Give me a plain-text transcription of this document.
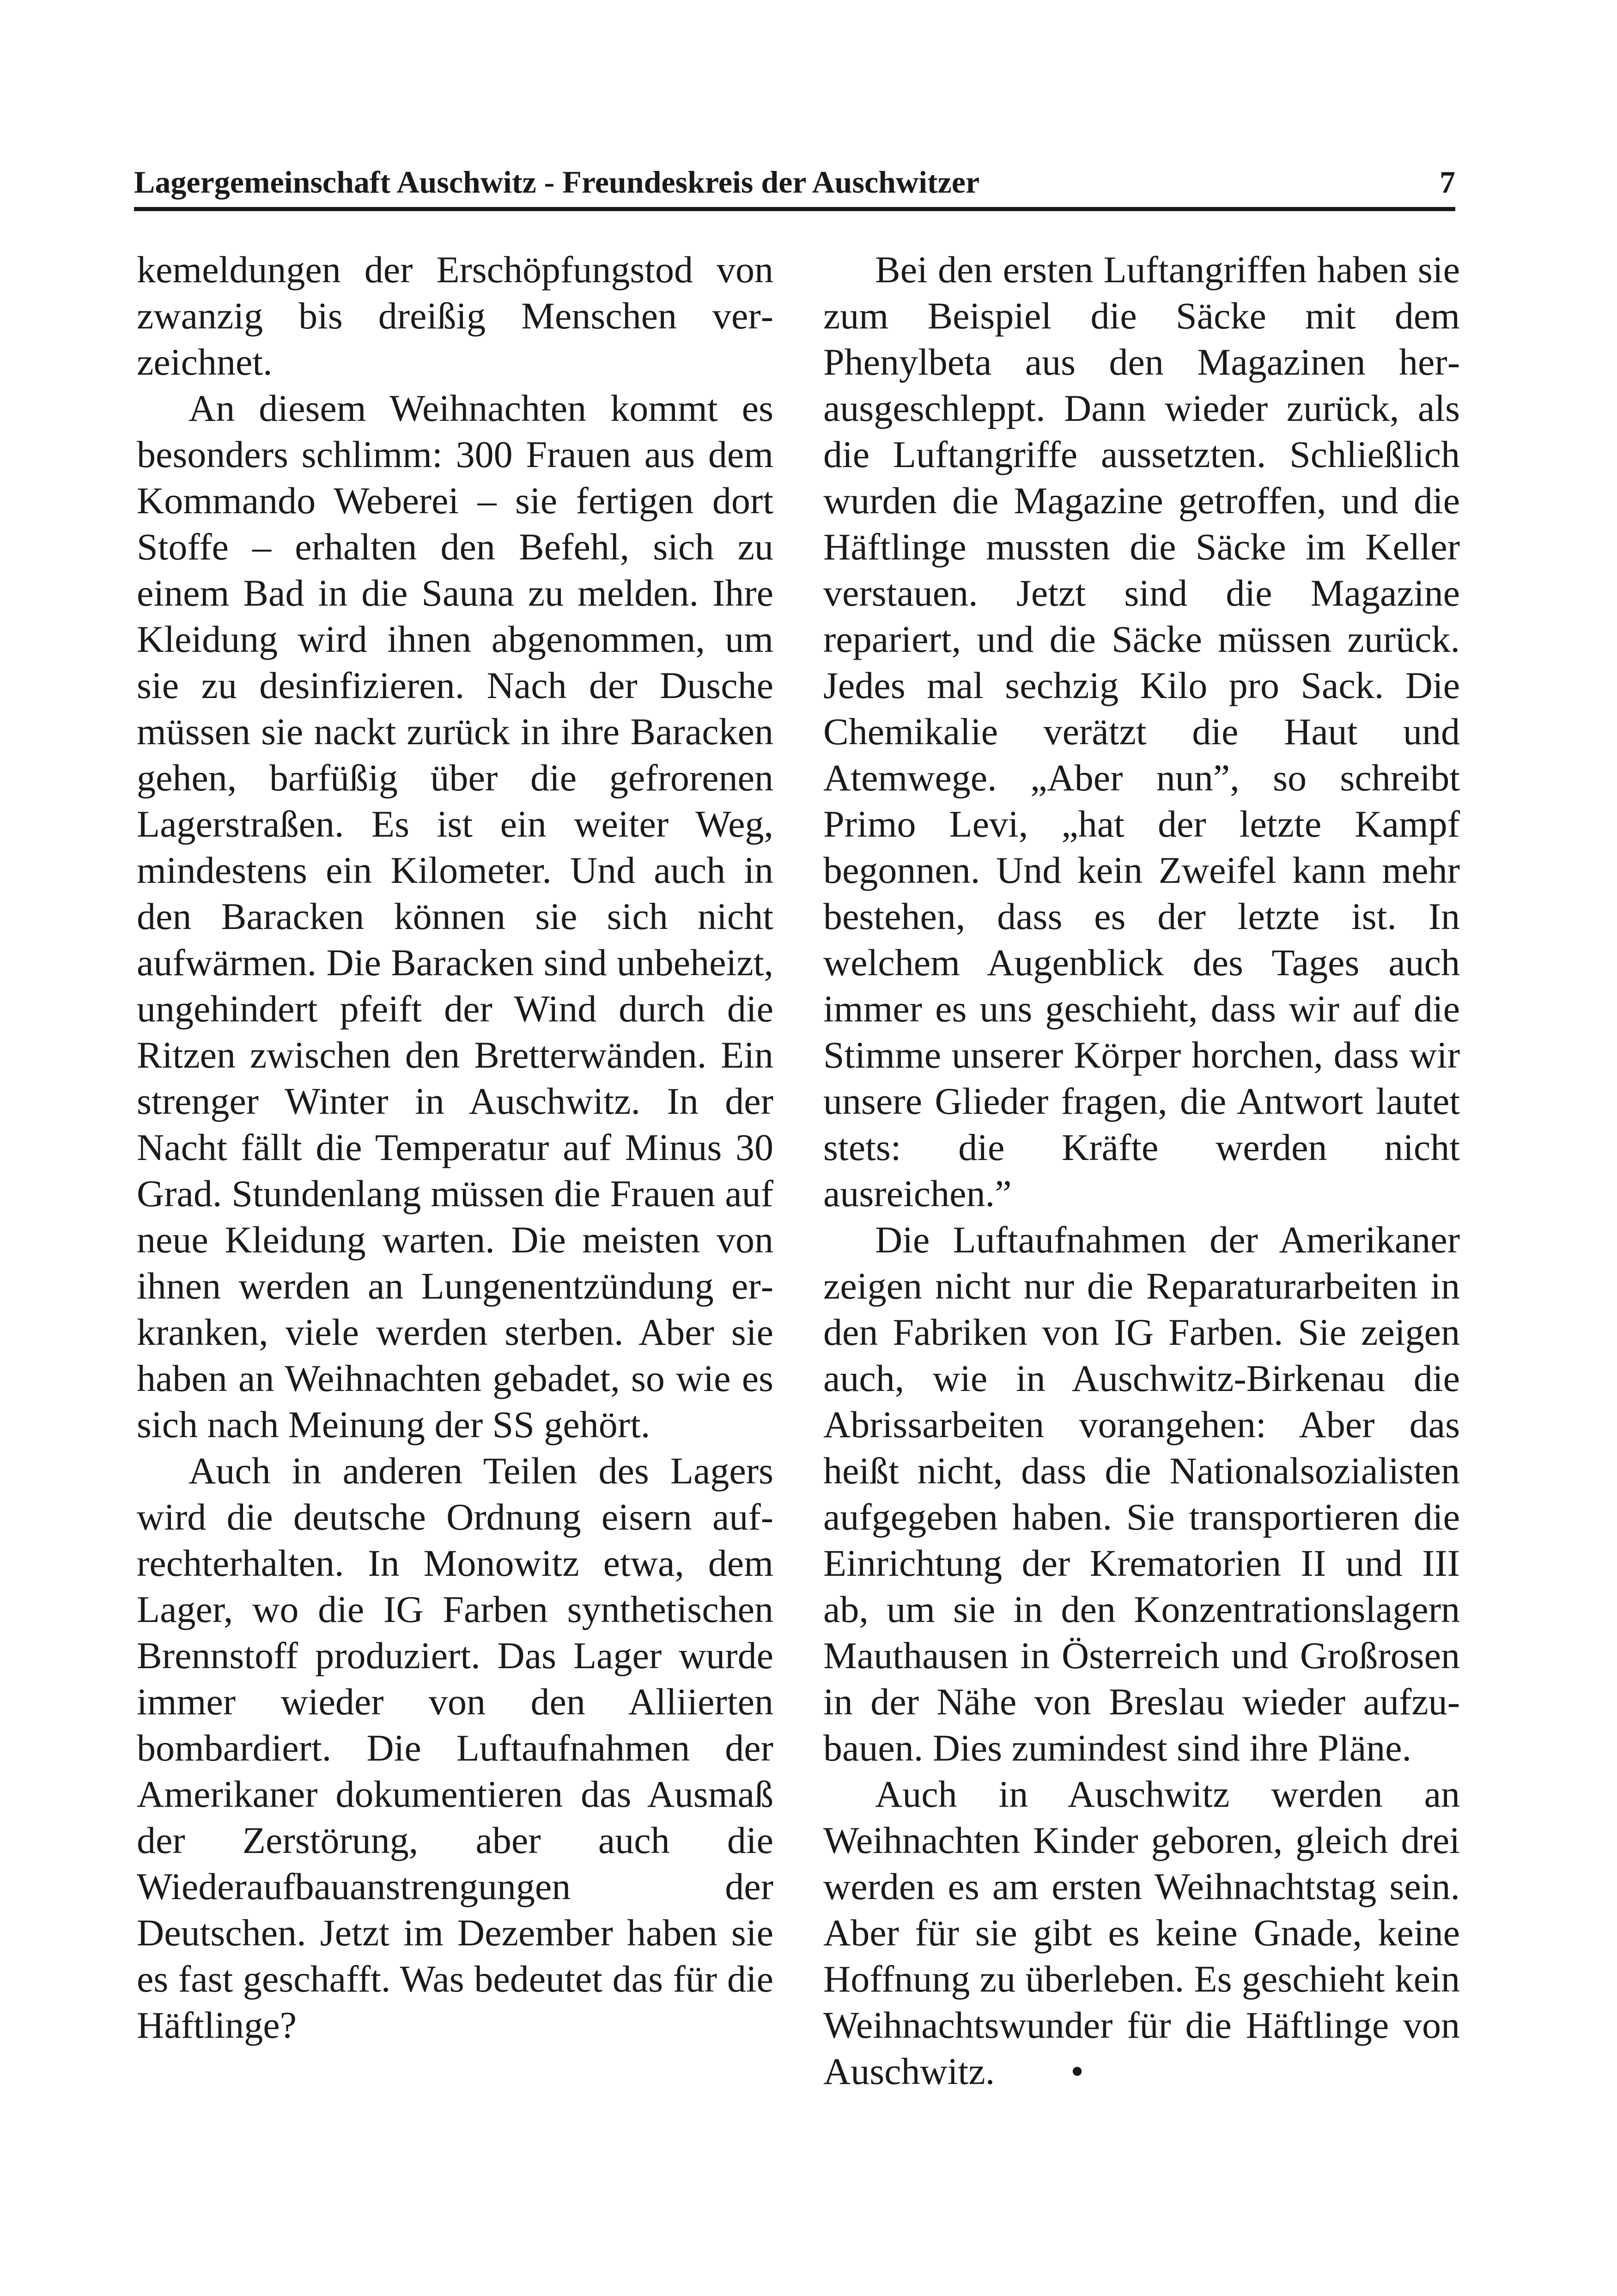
Lagergemeinschaft Auschwitz - Freundeskreis der Auschwitzer	7

kemeldungen der Erschöpfungstod von zwanzig bis dreißig Menschen verzeichnet.

An diesem Weihnachten kommt es besonders schlimm: 300 Frauen aus dem Kommando Weberei – sie fertigen dort Stoffe – erhalten den Befehl, sich zu einem Bad in die Sauna zu melden. Ihre Kleidung wird ihnen abgenommen, um sie zu desinfizieren. Nach der Dusche müssen sie nackt zurück in ihre Baracken gehen, barfüßig über die gefrorenen Lagerstraßen. Es ist ein weiter Weg, mindestens ein Kilometer. Und auch in den Baracken können sie sich nicht aufwärmen. Die Baracken sind unbeheizt, ungehindert pfeift der Wind durch die Ritzen zwischen den Bretterwänden. Ein strenger Winter in Auschwitz. In der Nacht fällt die Temperatur auf Minus 30 Grad. Stundenlang müssen die Frauen auf neue Kleidung warten. Die meisten von ihnen werden an Lungenentzündung erkranken, viele werden sterben. Aber sie haben an Weihnachten gebadet, so wie es sich nach Meinung der SS gehört.

Auch in anderen Teilen des Lagers wird die deutsche Ordnung eisern aufrechterhalten. In Monowitz etwa, dem Lager, wo die IG Farben synthetischen Brennstoff produziert. Das Lager wurde immer wieder von den Alliierten bombardiert. Die Luftaufnahmen der Amerikaner dokumentieren das Ausmaß der Zerstörung, aber auch die Wiederaufbauanstrengungen der Deutschen. Jetzt im Dezember haben sie es fast geschafft. Was bedeutet das für die Häftlinge?

Bei den ersten Luftangriffen haben sie zum Beispiel die Säcke mit dem Phenylbeta aus den Magazinen herausgeschleppt. Dann wieder zurück, als die Luftangriffe aussetzten. Schließlich wurden die Magazine getroffen, und die Häftlinge mussten die Säcke im Keller verstauen. Jetzt sind die Magazine repariert, und die Säcke müssen zurück. Jedes mal sechzig Kilo pro Sack. Die Chemikalie verätzt die Haut und Atemwege. „Aber nun”, so schreibt Primo Levi, „hat der letzte Kampf begonnen. Und kein Zweifel kann mehr bestehen, dass es der letzte ist. In welchem Augenblick des Tages auch immer es uns geschieht, dass wir auf die Stimme unserer Körper horchen, dass wir unsere Glieder fragen, die Antwort lautet stets: die Kräfte werden nicht ausreichen.”

Die Luftaufnahmen der Amerikaner zeigen nicht nur die Reparaturarbeiten in den Fabriken von IG Farben. Sie zeigen auch, wie in Auschwitz-Birkenau die Abrissarbeiten vorangehen: Aber das heißt nicht, dass die Nationalsozialisten aufgegeben haben. Sie transportieren die Einrichtung der Krematorien II und III ab, um sie in den Konzentrationslagern Mauthausen in Österreich und Großrosen in der Nähe von Breslau wieder aufzubauen. Dies zumindest sind ihre Pläne.

Auch in Auschwitz werden an Weihnachten Kinder geboren, gleich drei werden es am ersten Weihnachtstag sein. Aber für sie gibt es keine Gnade, keine Hoffnung zu überleben. Es geschieht kein Weihnachtswunder für die Häftlinge von Auschwitz.   •
